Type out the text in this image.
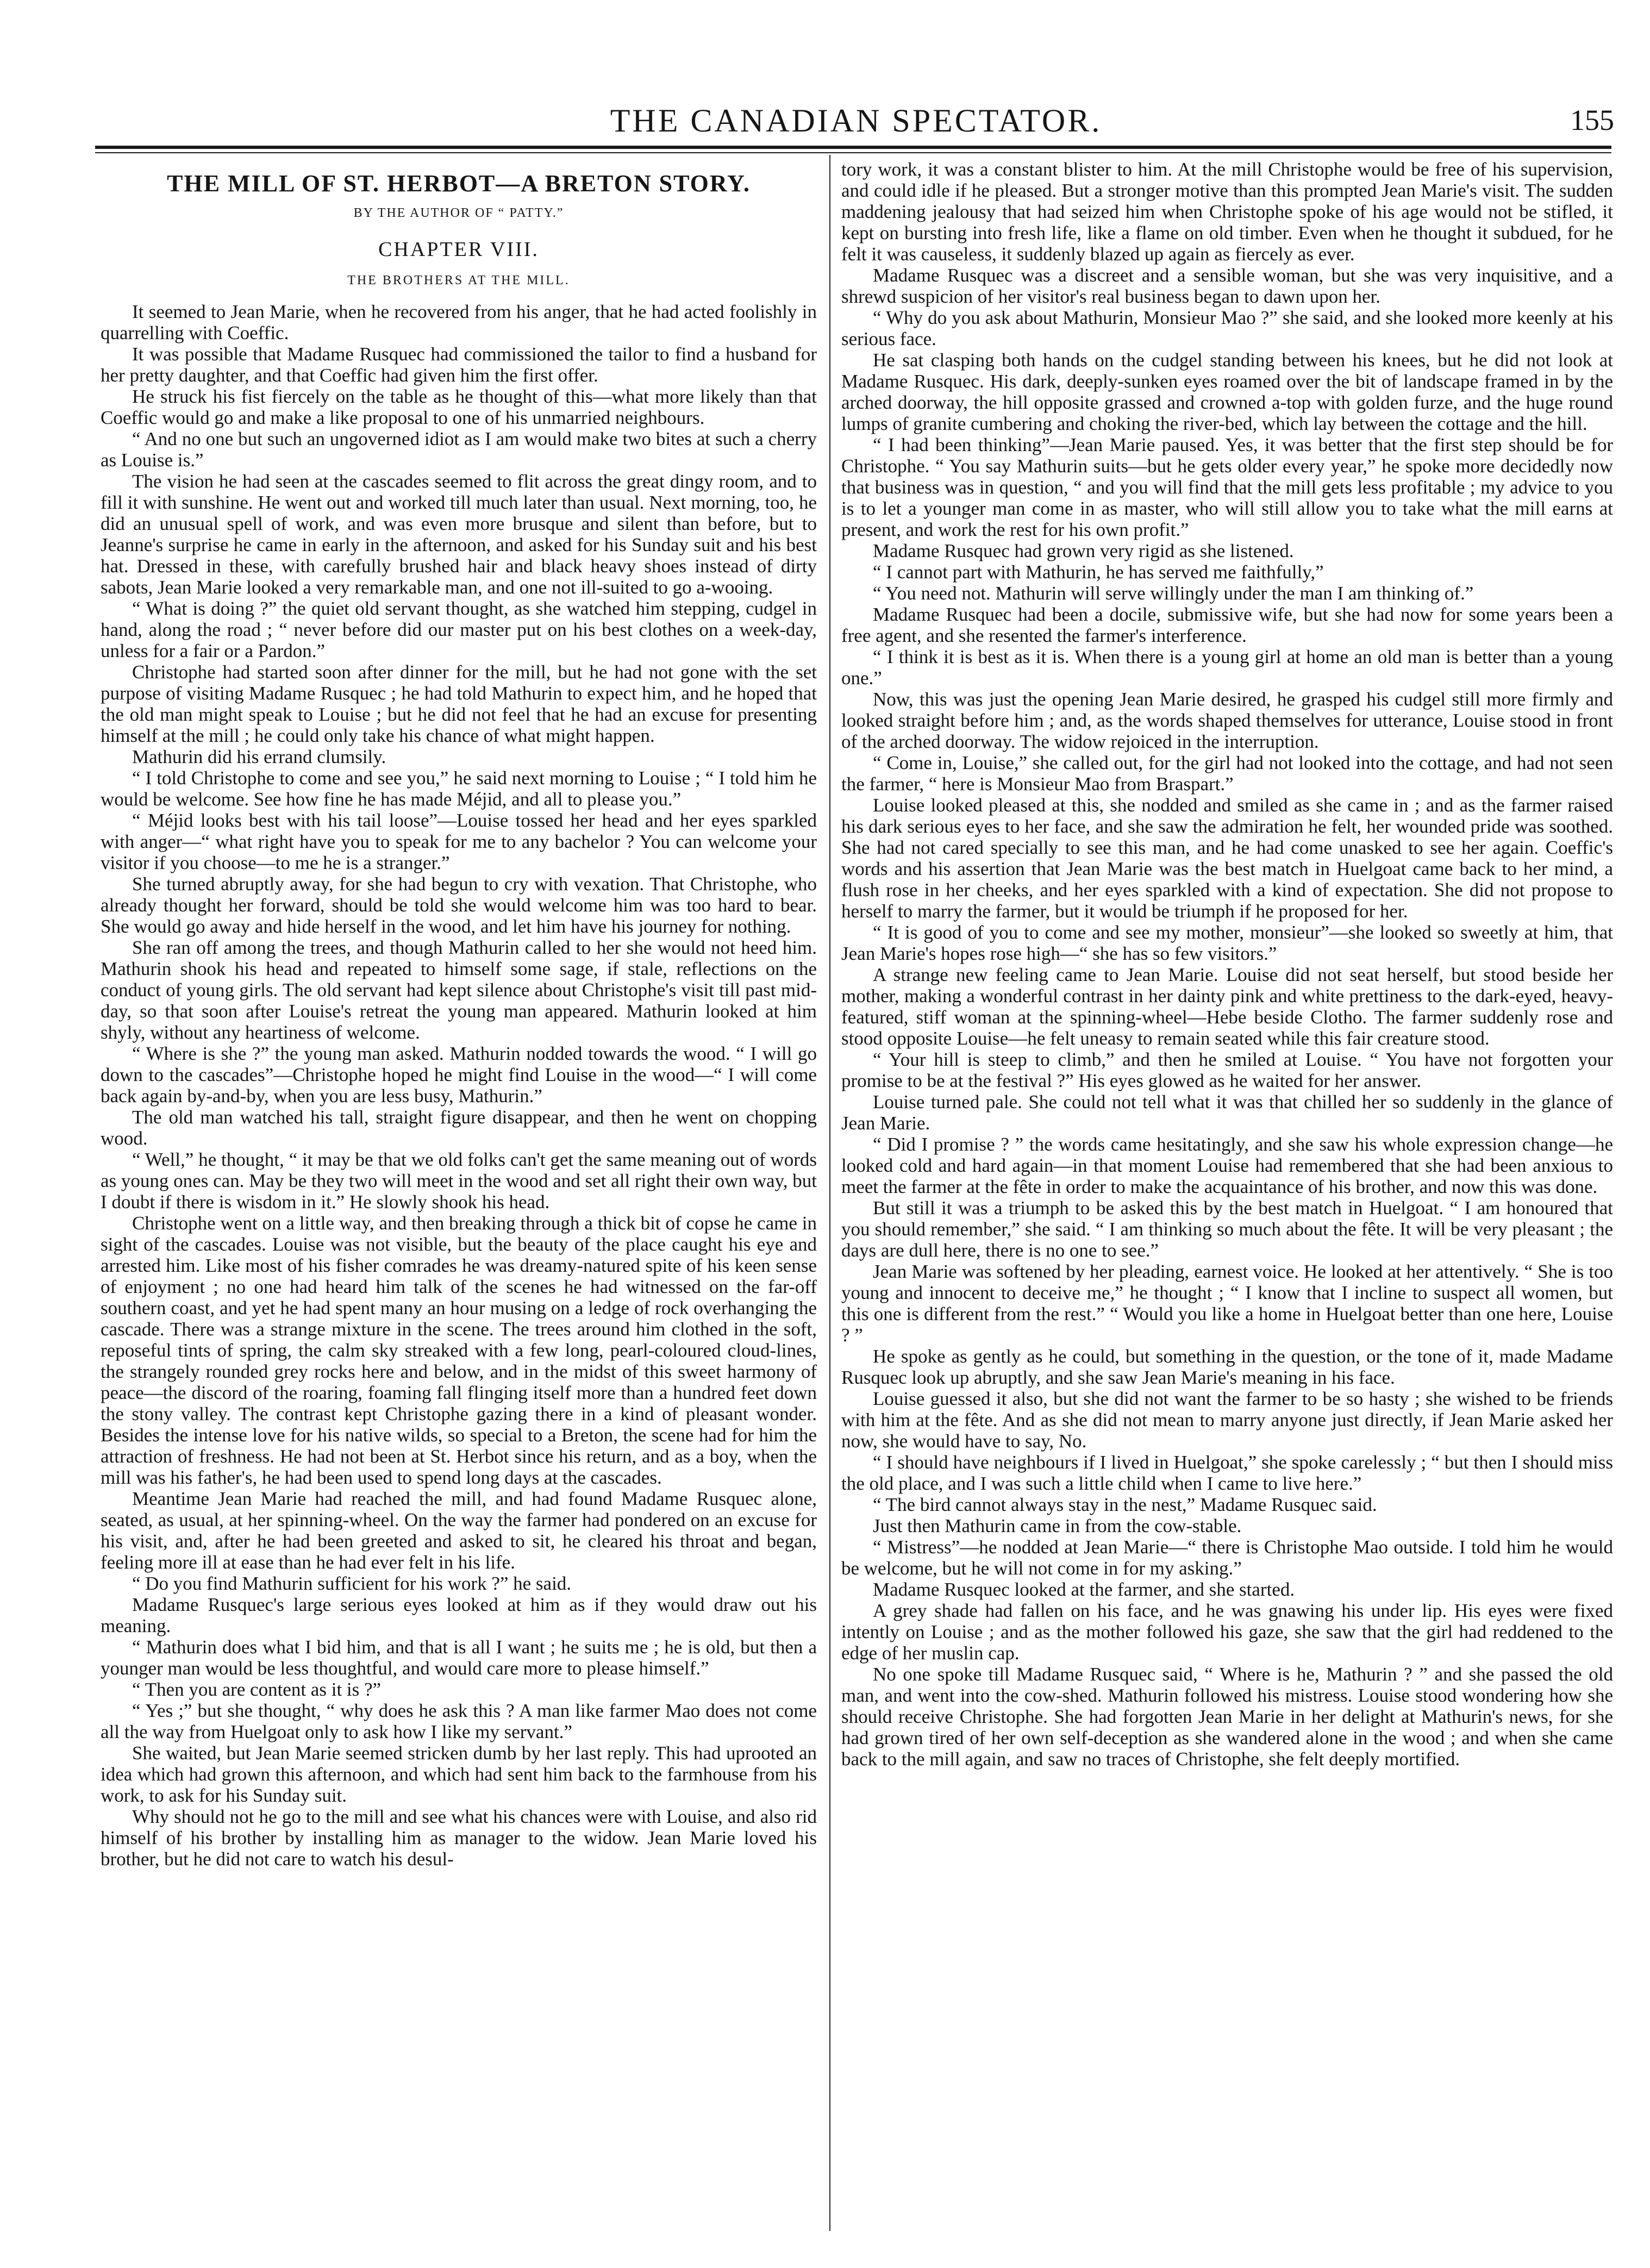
THE CANADIAN SPECTATOR.	155
THE MILL OF ST. HERBOT—A BRETON STORY.
BY THE AUTHOR OF “ PATTY.”
CHAPTER VIII.
THE BROTHERS AT THE MILL.

It seemed to Jean Marie, when he recovered from his anger, that he had acted foolishly in quarrelling with Coeffic.

It was possible that Madame Rusquec had commissioned the tailor to find a husband for her pretty daughter, and that Coeffic had given him the first offer.

He struck his fist fiercely on the table as he thought of this—what more likely than that Coeffic would go and make a like proposal to one of his unmarried neighbours.

“ And no one but such an ungoverned idiot as I am would make two bites at such a cherry as Louise is.”

The vision he had seen at the cascades seemed to flit across the great dingy room, and to fill it with sunshine. He went out and worked till much later than usual. Next morning, too, he did an unusual spell of work, and was even more brusque and silent than before, but to Jeanne's surprise he came in early in the afternoon, and asked for his Sunday suit and his best hat. Dressed in these, with carefully brushed hair and black heavy shoes instead of dirty sabots, Jean Marie looked a very remarkable man, and one not ill-suited to go a-wooing.

“ What is doing ?” the quiet old servant thought, as she watched him stepping, cudgel in hand, along the road ; “ never before did our master put on his best clothes on a week-day, unless for a fair or a Pardon.”

Christophe had started soon after dinner for the mill, but he had not gone with the set purpose of visiting Madame Rusquec ; he had told Mathurin to expect him, and he hoped that the old man might speak to Louise ; but he did not feel that he had an excuse for presenting himself at the mill ; he could only take his chance of what might happen.

Mathurin did his errand clumsily.

“ I told Christophe to come and see you,” he said next morning to Louise ; “ I told him he would be welcome. See how fine he has made Méjid, and all to please you.”

“ Méjid looks best with his tail loose”—Louise tossed her head and her eyes sparkled with anger—“ what right have you to speak for me to any bachelor ? You can welcome your visitor if you choose—to me he is a stranger.”

She turned abruptly away, for she had begun to cry with vexation. That Christophe, who already thought her forward, should be told she would welcome him was too hard to bear. She would go away and hide herself in the wood, and let him have his journey for nothing.

She ran off among the trees, and though Mathurin called to her she would not heed him. Mathurin shook his head and repeated to himself some sage, if stale, reflections on the conduct of young girls. The old servant had kept silence about Christophe's visit till past mid-day, so that soon after Louise's retreat the young man appeared. Mathurin looked at him shyly, without any heartiness of welcome.

“ Where is she ?” the young man asked. Mathurin nodded towards the wood. “ I will go down to the cascades”—Christophe hoped he might find Louise in the wood—“ I will come back again by-and-by, when you are less busy, Mathurin.”

The old man watched his tall, straight figure disappear, and then he went on chopping wood.

“ Well,” he thought, “ it may be that we old folks can't get the same meaning out of words as young ones can. May be they two will meet in the wood and set all right their own way, but I doubt if there is wisdom in it.” He slowly shook his head.

Christophe went on a little way, and then breaking through a thick bit of copse he came in sight of the cascades. Louise was not visible, but the beauty of the place caught his eye and arrested him. Like most of his fisher comrades he was dreamy-natured spite of his keen sense of enjoyment ; no one had heard him talk of the scenes he had witnessed on the far-off southern coast, and yet he had spent many an hour musing on a ledge of rock overhanging the cascade. There was a strange mixture in the scene. The trees around him clothed in the soft, reposeful tints of spring, the calm sky streaked with a few long, pearl-coloured cloud-lines, the strangely rounded grey rocks here and below, and in the midst of this sweet harmony of peace—the discord of the roaring, foaming fall flinging itself more than a hundred feet down the stony valley. The contrast kept Christophe gazing there in a kind of pleasant wonder. Besides the intense love for his native wilds, so special to a Breton, the scene had for him the attraction of freshness. He had not been at St. Herbot since his return, and as a boy, when the mill was his father's, he had been used to spend long days at the cascades.

Meantime Jean Marie had reached the mill, and had found Madame Rusquec alone, seated, as usual, at her spinning-wheel. On the way the farmer had pondered on an excuse for his visit, and, after he had been greeted and asked to sit, he cleared his throat and began, feeling more ill at ease than he had ever felt in his life.

“ Do you find Mathurin sufficient for his work ?” he said.

Madame Rusquec's large serious eyes looked at him as if they would draw out his meaning.

“ Mathurin does what I bid him, and that is all I want ; he suits me ; he is old, but then a younger man would be less thoughtful, and would care more to please himself.”

“ Then you are content as it is ?”

“ Yes ;” but she thought, “ why does he ask this ? A man like farmer Mao does not come all the way from Huelgoat only to ask how I like my servant.”

She waited, but Jean Marie seemed stricken dumb by her last reply. This had uprooted an idea which had grown this afternoon, and which had sent him back to the farmhouse from his work, to ask for his Sunday suit.

Why should not he go to the mill and see what his chances were with Louise, and also rid himself of his brother by installing him as manager to the widow. Jean Marie loved his brother, but he did not care to watch his desul-

tory work, it was a constant blister to him. At the mill Christophe would be free of his supervision, and could idle if he pleased. But a stronger motive than this prompted Jean Marie's visit. The sudden maddening jealousy that had seized him when Christophe spoke of his age would not be stifled, it kept on bursting into fresh life, like a flame on old timber. Even when he thought it subdued, for he felt it was causeless, it suddenly blazed up again as fiercely as ever.

Madame Rusquec was a discreet and a sensible woman, but she was very inquisitive, and a shrewd suspicion of her visitor's real business began to dawn upon her.

“ Why do you ask about Mathurin, Monsieur Mao ?” she said, and she looked more keenly at his serious face.

He sat clasping both hands on the cudgel standing between his knees, but he did not look at Madame Rusquec. His dark, deeply-sunken eyes roamed over the bit of landscape framed in by the arched doorway, the hill opposite grassed and crowned a-top with golden furze, and the huge round lumps of granite cumbering and choking the river-bed, which lay between the cottage and the hill.

“ I had been thinking”—Jean Marie paused. Yes, it was better that the first step should be for Christophe. “ You say Mathurin suits—but he gets older every year,” he spoke more decidedly now that business was in question, “ and you will find that the mill gets less profitable ; my advice to you is to let a younger man come in as master, who will still allow you to take what the mill earns at present, and work the rest for his own profit.”

Madame Rusquec had grown very rigid as she listened.

“ I cannot part with Mathurin, he has served me faithfully,”

“ You need not. Mathurin will serve willingly under the man I am thinking of.”

Madame Rusquec had been a docile, submissive wife, but she had now for some years been a free agent, and she resented the farmer's interference.

“ I think it is best as it is. When there is a young girl at home an old man is better than a young one.”

Now, this was just the opening Jean Marie desired, he grasped his cudgel still more firmly and looked straight before him ; and, as the words shaped themselves for utterance, Louise stood in front of the arched doorway. The widow rejoiced in the interruption.

“ Come in, Louise,” she called out, for the girl had not looked into the cottage, and had not seen the farmer, “ here is Monsieur Mao from Braspart.”

Louise looked pleased at this, she nodded and smiled as she came in ; and as the farmer raised his dark serious eyes to her face, and she saw the admiration he felt, her wounded pride was soothed. She had not cared specially to see this man, and he had come unasked to see her again. Coeffic's words and his assertion that Jean Marie was the best match in Huelgoat came back to her mind, a flush rose in her cheeks, and her eyes sparkled with a kind of expectation. She did not propose to herself to marry the farmer, but it would be triumph if he proposed for her.

“ It is good of you to come and see my mother, monsieur”—she looked so sweetly at him, that Jean Marie's hopes rose high—“ she has so few visitors.”

A strange new feeling came to Jean Marie. Louise did not seat herself, but stood beside her mother, making a wonderful contrast in her dainty pink and white prettiness to the dark-eyed, heavy-featured, stiff woman at the spinning-wheel—Hebe beside Clotho. The farmer suddenly rose and stood opposite Louise—he felt uneasy to remain seated while this fair creature stood.

“ Your hill is steep to climb,” and then he smiled at Louise. “ You have not forgotten your promise to be at the festival ?” His eyes glowed as he waited for her answer.

Louise turned pale. She could not tell what it was that chilled her so suddenly in the glance of Jean Marie.

“ Did I promise ? ” the words came hesitatingly, and she saw his whole expression change—he looked cold and hard again—in that moment Louise had remembered that she had been anxious to meet the farmer at the fête in order to make the acquaintance of his brother, and now this was done.

But still it was a triumph to be asked this by the best match in Huelgoat. “ I am honoured that you should remember,” she said. “ I am thinking so much about the fête. It will be very pleasant ; the days are dull here, there is no one to see.”

Jean Marie was softened by her pleading, earnest voice. He looked at her attentively. “ She is too young and innocent to deceive me,” he thought ; “ I know that I incline to suspect all women, but this one is different from the rest.” “ Would you like a home in Huelgoat better than one here, Louise ? ”

He spoke as gently as he could, but something in the question, or the tone of it, made Madame Rusquec look up abruptly, and she saw Jean Marie's meaning in his face.

Louise guessed it also, but she did not want the farmer to be so hasty ; she wished to be friends with him at the fête. And as she did not mean to marry anyone just directly, if Jean Marie asked her now, she would have to say, No.

“ I should have neighbours if I lived in Huelgoat,” she spoke carelessly ; “ but then I should miss the old place, and I was such a little child when I came to live here.”

“ The bird cannot always stay in the nest,” Madame Rusquec said.

Just then Mathurin came in from the cow-stable.

“ Mistress”—he nodded at Jean Marie—“ there is Christophe Mao outside. I told him he would be welcome, but he will not come in for my asking.”

Madame Rusquec looked at the farmer, and she started.

A grey shade had fallen on his face, and he was gnawing his under lip. His eyes were fixed intently on Louise ; and as the mother followed his gaze, she saw that the girl had reddened to the edge of her muslin cap.

No one spoke till Madame Rusquec said, “ Where is he, Mathurin ? ” and she passed the old man, and went into the cow-shed. Mathurin followed his mistress. Louise stood wondering how she should receive Christophe. She had forgotten Jean Marie in her delight at Mathurin's news, for she had grown tired of her own self-deception as she wandered alone in the wood ; and when she came back to the mill again, and saw no traces of Christophe, she felt deeply mortified.
